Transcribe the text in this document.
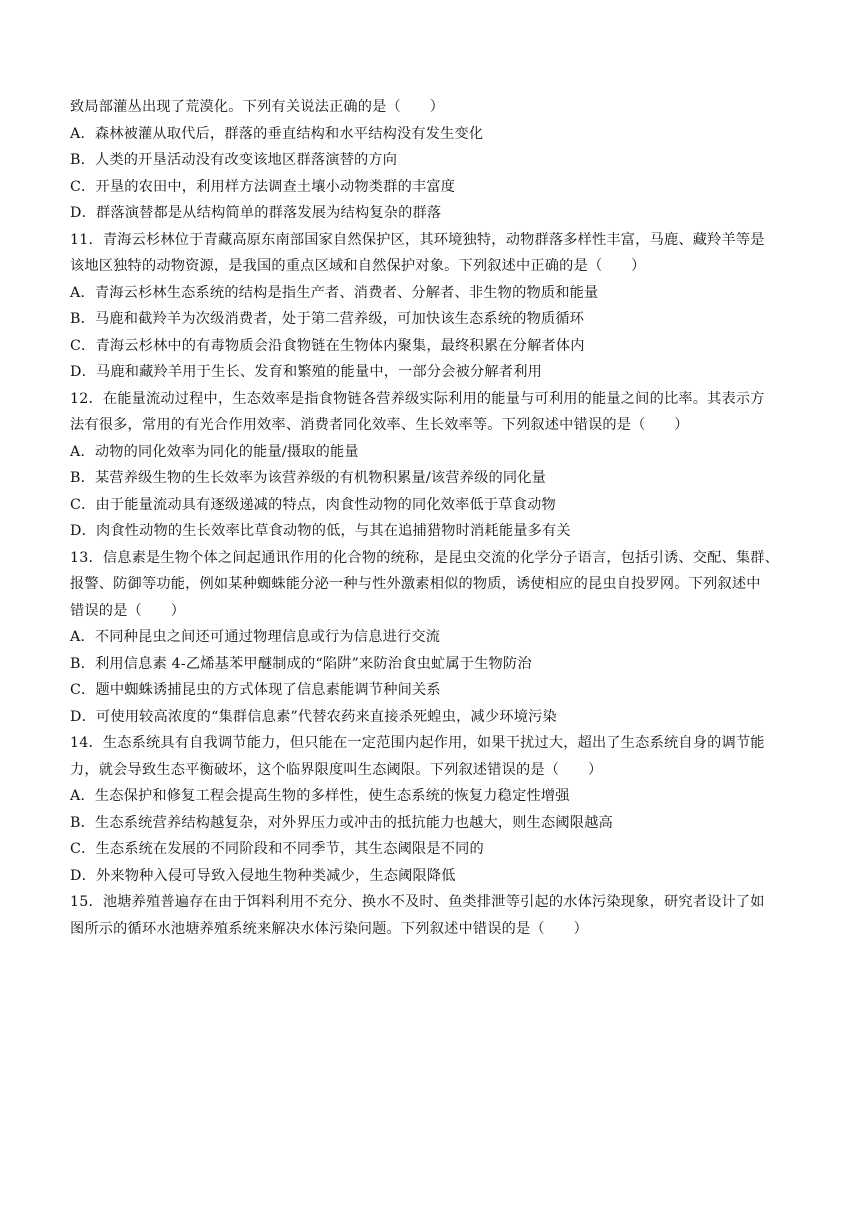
致局部灌丛出现了荒漠化。下列有关说法正确的是（　　）
A．森林被灌从取代后，群落的垂直结构和水平结构没有发生变化
B．人类的开垦活动没有改变该地区群落演替的方向
C．开垦的农田中，利用样方法调查土壤小动物类群的丰富度
D．群落演替都是从结构简单的群落发展为结构复杂的群落
11．青海云杉林位于青藏高原东南部国家自然保护区，其环境独特，动物群落多样性丰富，马鹿、藏羚羊等是
该地区独特的动物资源，是我国的重点区域和自然保护对象。下列叙述中正确的是（　　）
A．青海云杉林生态系统的结构是指生产者、消费者、分解者、非生物的物质和能量
B．马鹿和截羚羊为次级消费者，处于第二营养级，可加快该生态系统的物质循环
C．青海云杉林中的有毒物质会沿食物链在生物体内聚集，最终积累在分解者体内
D．马鹿和藏羚羊用于生长、发育和繁殖的能量中，一部分会被分解者利用
12．在能量流动过程中，生态效率是指食物链各营养级实际利用的能量与可利用的能量之间的比率。其表示方
法有很多，常用的有光合作用效率、消费者同化效率、生长效率等。下列叙述中错误的是（　　）
A．动物的同化效率为同化的能量/摄取的能量
B．某营养级生物的生长效率为该营养级的有机物积累量/该营养级的同化量
C．由于能量流动具有逐级递减的特点，肉食性动物的同化效率低于草食动物
D．肉食性动物的生长效率比草食动物的低，与其在追捕猎物时消耗能量多有关
13．信息素是生物个体之间起通讯作用的化合物的统称，是昆虫交流的化学分子语言，包括引诱、交配、集群、
报警、防御等功能，例如某种蜘蛛能分泌一种与性外激素相似的物质，诱使相应的昆虫自投罗网。下列叙述中
错误的是（　　）
A．不同种昆虫之间还可通过物理信息或行为信息进行交流
B．利用信息素 4-乙烯基苯甲醚制成的“陷阱”来防治食虫虻属于生物防治
C．题中蜘蛛诱捕昆虫的方式体现了信息素能调节种间关系
D．可使用较高浓度的“集群信息素”代替农药来直接杀死蝗虫，减少环境污染
14．生态系统具有自我调节能力，但只能在一定范围内起作用，如果干扰过大，超出了生态系统自身的调节能
力，就会导致生态平衡破坏，这个临界限度叫生态阈限。下列叙述错误的是（　　）
A．生态保护和修复工程会提高生物的多样性，使生态系统的恢复力稳定性增强
B．生态系统营养结构越复杂，对外界压力或冲击的抵抗能力也越大，则生态阈限越高
C．生态系统在发展的不同阶段和不同季节，其生态阈限是不同的
D．外来物种入侵可导致入侵地生物种类减少，生态阈限降低
15．池塘养殖普遍存在由于饵料利用不充分、换水不及时、鱼类排泄等引起的水体污染现象，研究者设计了如
图所示的循环水池塘养殖系统来解决水体污染问题。下列叙述中错误的是（　　）
